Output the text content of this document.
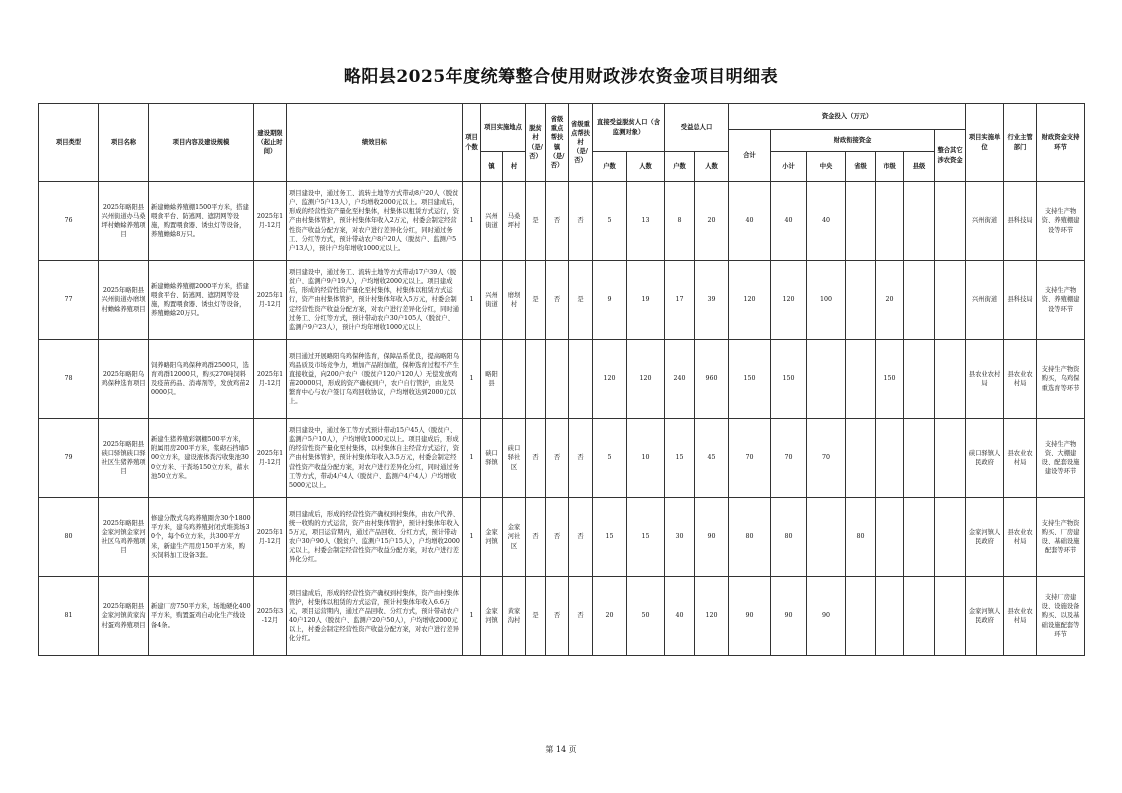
略阳县2025年度统筹整合使用财政涉农资金项目明细表
项目类型	项目名称	项目内容及建设规模	建设期限（起止时间）	绩效目标	项目个数	项目实施地点		脱贫村（是/否）	省级重点帮扶镇（是/否）	省级重点帮扶村（是/否）	直接受益脱贫人口（含监测对象）		受益总人口		资金投入（万元）							项目实施单位	行业主管部门	财政资金支持环节
															合计	财政衔接资金					整合其它涉农资金			
						镇	村				户数	人数	户数	人数		小计	中央	省级	市级	县级				
76	2025年略阳县兴州街道办马桑坪村蟾蜍养殖项目	新建蟾蜍养殖棚1500平方米，搭建喂食平台、防逃网、遮阴网等设施，购置喂食器、诱虫灯等设备，养殖蟾蜍8万只。	2025年1月-12月	项目建设中，通过务工、流转土地等方式带动8户20人（脱贫户、监测户5户13人），户均增收2000元以上。项目建成后，形成的经营性资产量化至村集体，村集体以租赁方式运行，资产由村集体管护，预计村集体年收入2万元，村委会制定经营性资产收益分配方案，对农户进行差异化分红，同时通过务工、分红等方式，预计带动农户8户20人（脱贫户、监测户5户13人），预计户均年增收1000元以上。	1	兴州街道	马桑坪村	是	否	否	5	13	8	20	40	40	40					兴州街道	县科技局	支持生产物资、养殖棚建设等环节
77	2025年略阳县兴州街道办磨坝村蟾蜍养殖项目	新建蟾蜍养殖棚2000平方米，搭建喂食平台、防逃网、遮阴网等设施，购置喂食器、诱虫灯等设备，养殖蟾蜍20万只。	2025年1月-12月	项目建设中，通过务工、流转土地等方式带动17户39人（脱贫户、监测户9户19人），户均增收2000元以上。项目建成后，形成的经营性资产量化至村集体，村集体以租赁方式运行，资产由村集体管护，预计村集体年收入5万元，村委会制定经营性资产收益分配方案，对农户进行差异化分红，同时通过务工、分红等方式，预计带动农户30户105人（脱贫户、监测户9户23人），预计户均年增收1000元以上	1	兴州街道	磨坝村	是	否	是	9	19	17	39	120	120	100		20			兴州街道	县科技局	支持生产物资、养殖棚建设等环节
78	2025年略阳乌鸡保种选育项目	饲养略阳乌鸡保种鸡群2500只，选育鸡群12000只，购买270吨饲料及疫苗药品、消毒剂等，发放鸡苗20000只。	2025年1月-12月	项目通过开展略阳乌鸡保种选育，保障品系优良，提高略阳乌鸡品质及市场竞争力，增加产品附加值，保种选育过程不产生直接收益，向200户农户（脱贫户120户120人）无偿发放鸡苗20000只，形成的资产确权到户，农户自行管护，由龙昊繁育中心与农户签订乌鸡回收协议，户均增收达到2000元以上。	1	略阳县					120	120	240	960	150	150			150			县农业农村局	县农业农村局	支持生产物资购买，乌鸡保重选育等环节
79	2025年略阳县硖口驿镇硖口驿社区生猪养殖项目	新建生猪养殖彩钢棚500平方米，附属用房200平方米，浆砌石挡墙500立方米，建设液体粪污收集池300立方米、干粪场150立方米，蓄水池50立方米。	2025年1月-12月	项目建设中，通过务工等方式预计带动15户45人（脱贫户、监测户5户10人），户均增收1000元以上。项目建成后，形成的经营性资产量化至村集体，以村集体自主经营方式运行，资产由村集体管护，预计村集体年收入3.5万元，村委会制定经营性资产收益分配方案，对农户进行差异化分红，同时通过务工等方式，带动4户4人（脱贫户、监测户4户4人）户均增收5000元以上。	1	硖口驿镇	硖口驿社区	否	否	否	5	10	15	45	70	70	70					硖口驿镇人民政府	县农业农村局	支持生产物资、大棚建设、配套设施建设等环节
80	2025年略阳县金家河镇金家河社区乌鸡养殖项目	修建分散式乌鸡养殖圈舍30个1800平方米，建乌鸡养殖封闭式堆粪场30个，每个6立方米，共300平方米，新建生产用房150平方米，购买饲料加工设备3套。	2025年1月-12月	项目建成后，形成的经营性资产确权到村集体，由农户代养、统一收购的方式运营，资产由村集体管护，预计村集体年收入5万元，项目运营期内，通过产品回收、分红方式，预计带动农户30户90人（脱贫户、监测户15户15人），户均增收2000元以上，村委会制定经营性资产收益分配方案，对农户进行差异化分红。	1	金家河镇	金家河社区	否	否	否	15	15	30	90	80	80		80				金家河镇人民政府	县农业农村局	支持生产物资购买、厂房建设、基础设施配套等环节
81	2025年略阳县金家河镇黄家沟村蛋鸡养殖项目	新建厂房750平方米，场地硬化400平方米，购置蛋鸡自动化生产线设备4条。	2025年3-12月	项目建成后，形成的经营性资产确权到村集体，资产由村集体管护，村集体以租赁的方式运营，预计村集体年收入6.6万元，项目运营期内，通过产品回收、分红方式，预计带动农户40户120人（脱贫户、监测户20户50人），户均增收2000元以上，村委会制定经营性资产收益分配方案，对农户进行差异化分红。	1	金家河镇	黄家沟村	是	否	否	20	50	40	120	90	90	90					金家河镇人民政府	县农业农村局	支持厂房建设、设施设备购买、以及基础设施配套等环节
第 14 页
